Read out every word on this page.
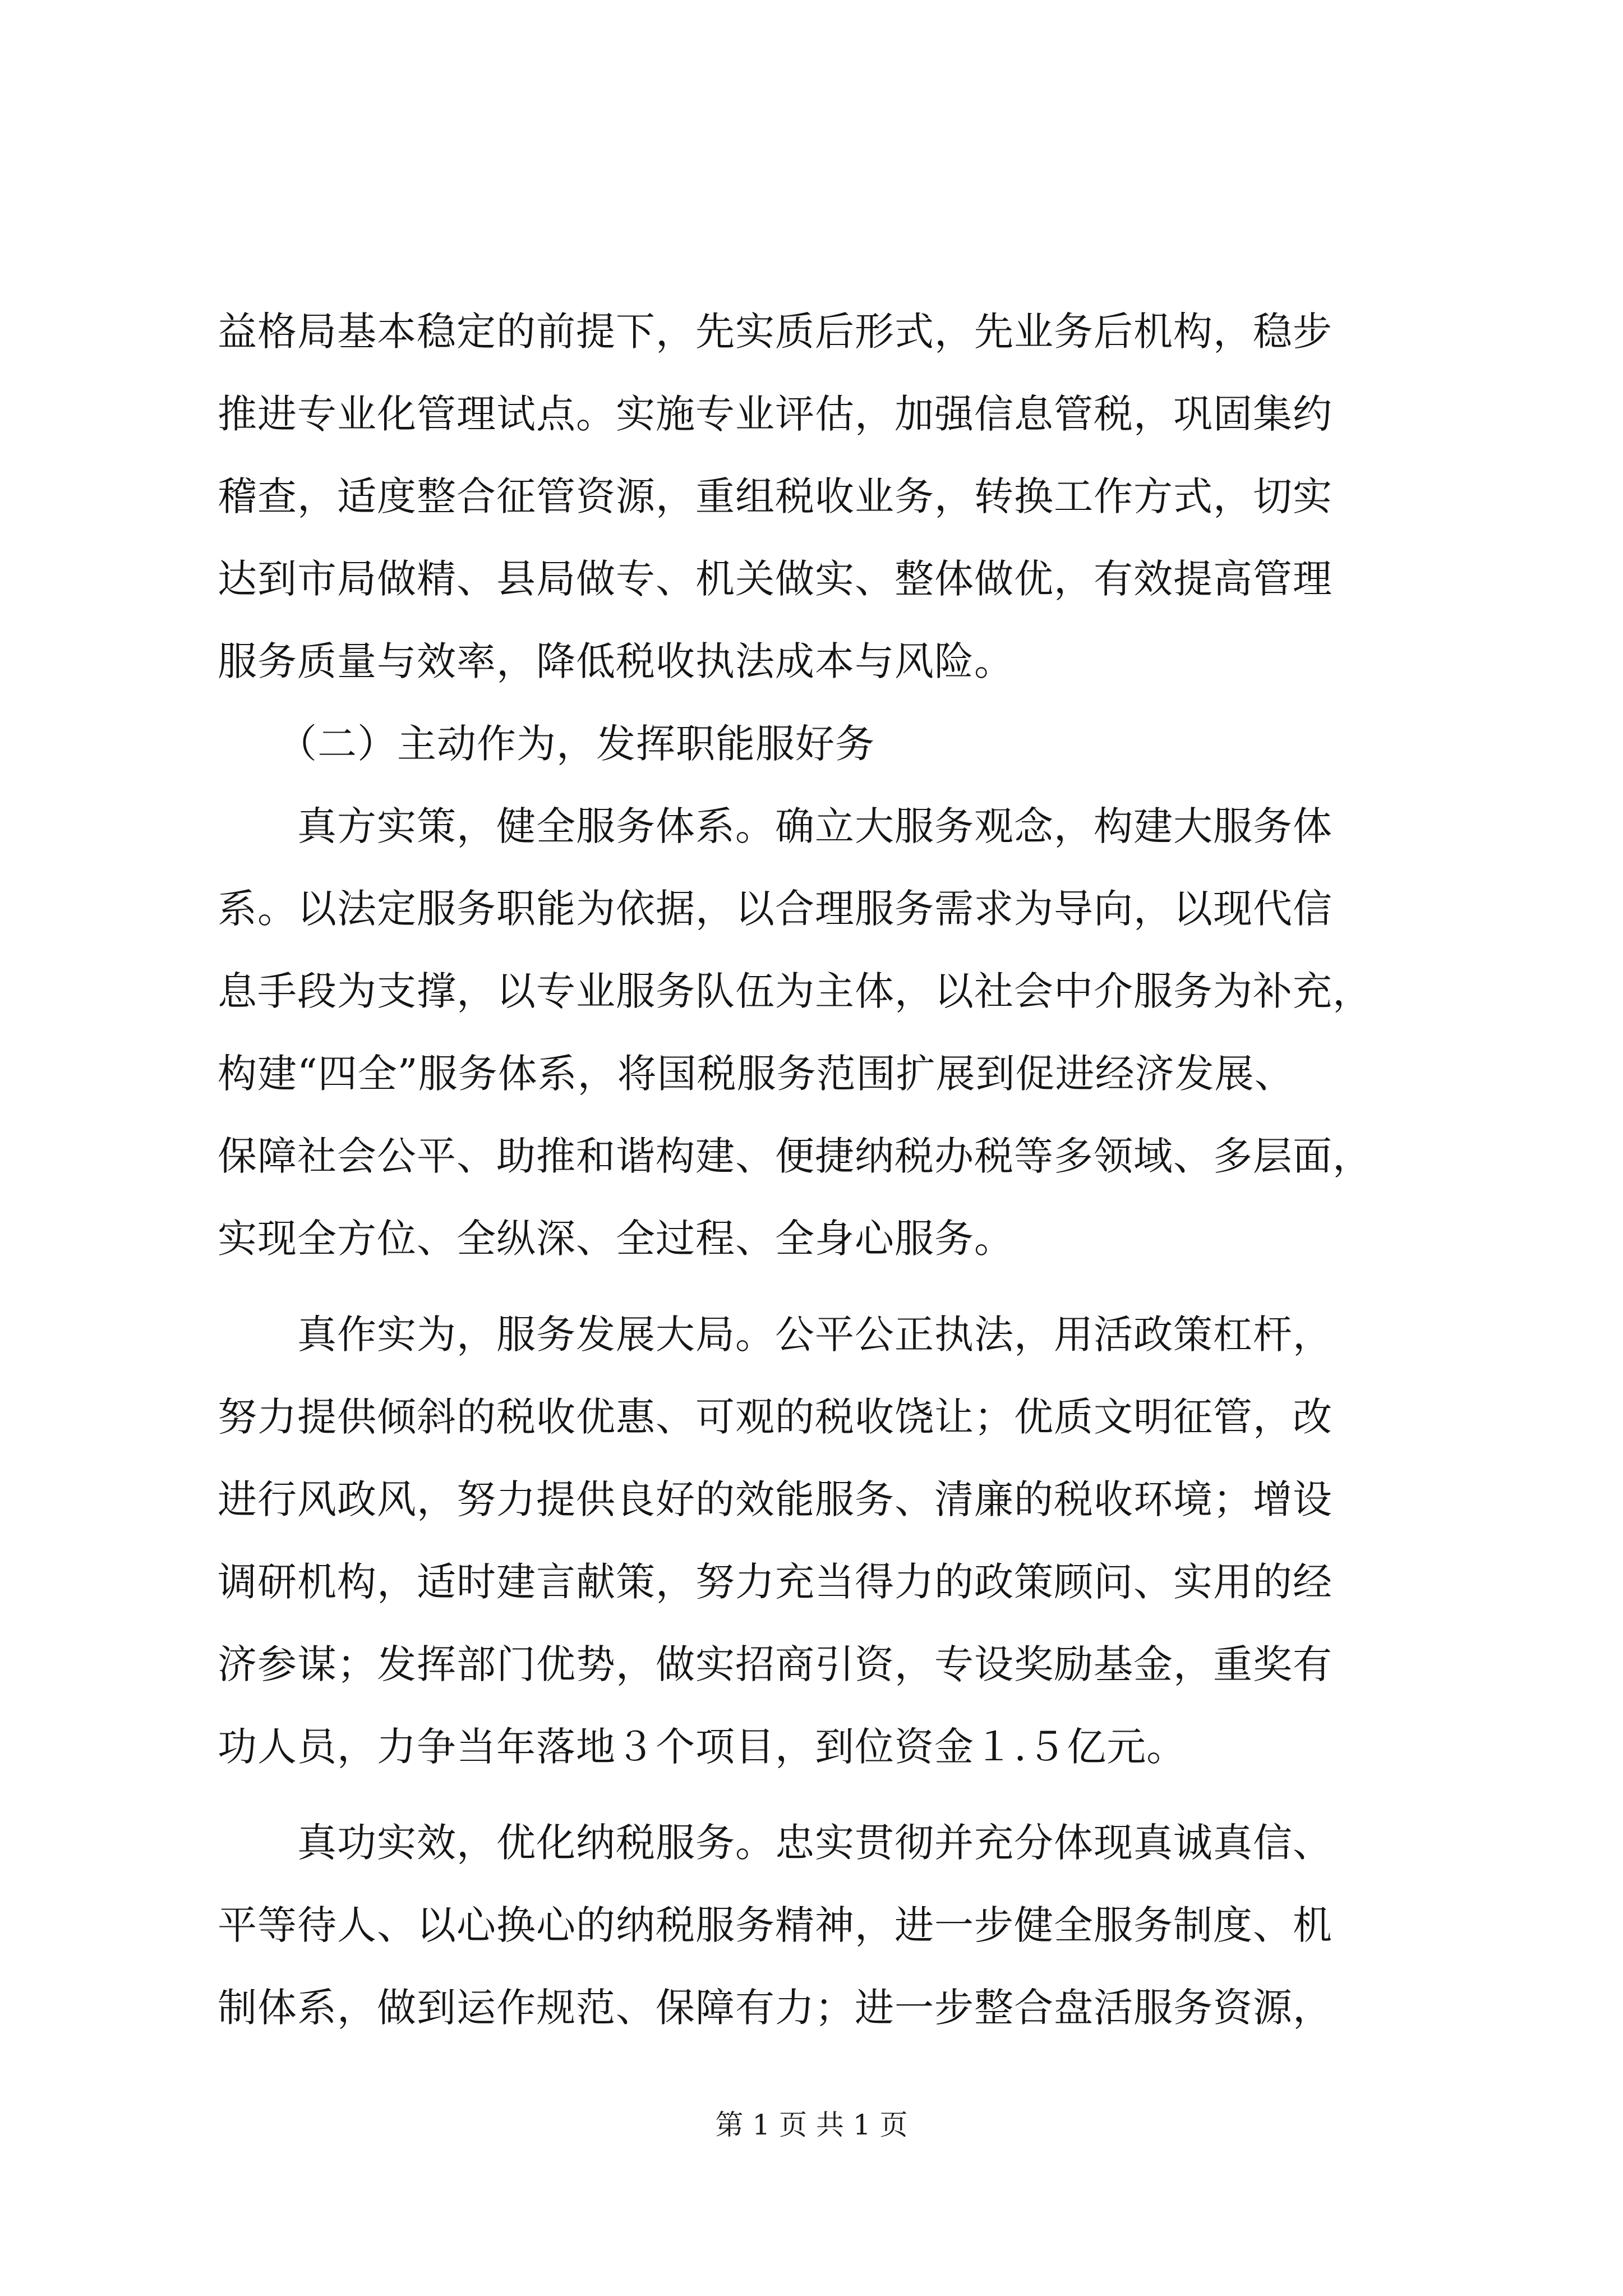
益格局基本稳定的前提下，先实质后形式，先业务后机构，稳步
推进专业化管理试点。实施专业评估，加强信息管税，巩固集约
稽查，适度整合征管资源，重组税收业务，转换工作方式，切实
达到市局做精、县局做专、机关做实、整体做优，有效提高管理
服务质量与效率，降低税收执法成本与风险。
　　（二）主动作为，发挥职能服好务
　　真方实策，健全服务体系。确立大服务观念，构建大服务体
系。以法定服务职能为依据，以合理服务需求为导向，以现代信
息手段为支撑，以专业服务队伍为主体，以社会中介服务为补充，
构建“四全”服务体系，将国税服务范围扩展到促进经济发展、
保障社会公平、助推和谐构建、便捷纳税办税等多领域、多层面，
实现全方位、全纵深、全过程、全身心服务。
　　真作实为，服务发展大局。公平公正执法，用活政策杠杆，
努力提供倾斜的税收优惠、可观的税收饶让；优质文明征管，改
进行风政风，努力提供良好的效能服务、清廉的税收环境；增设
调研机构，适时建言献策，努力充当得力的政策顾问、实用的经
济参谋；发挥部门优势，做实招商引资，专设奖励基金，重奖有
功人员，力争当年落地３个项目，到位资金１.５亿元。
　　真功实效，优化纳税服务。忠实贯彻并充分体现真诚真信、
平等待人、以心换心的纳税服务精神，进一步健全服务制度、机
制体系，做到运作规范、保障有力；进一步整合盘活服务资源，
第 1 页 共 1 页
